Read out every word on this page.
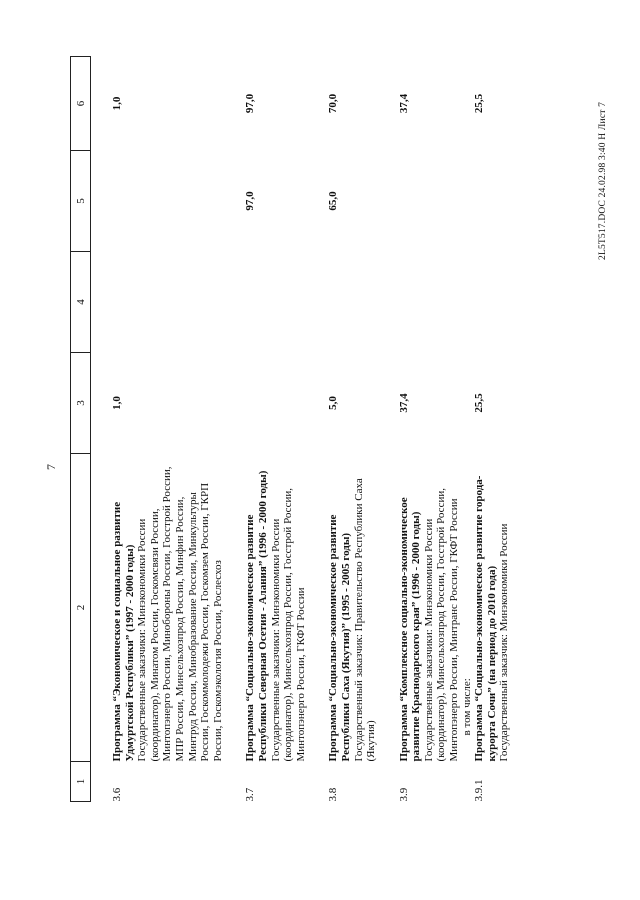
7
1	2	3	4	5	6

3.6	Программа “Экономическое и социальное развитие Удмуртской Республики” (1997 - 2000 годы) Государственные заказчики: Минэкономики России (координатор), Минатом России, Госкомсвязи России, Минтопэнерго России, Минобороны России, Госстрой России, МПР России, Минсельхозпрод России, Минфин России, Минтруд России, Минобразование России, Минкультуры России, Госкоммолодежи России, Госкомзем России, ГКРП России, Госкомэкология России, Рослесхоз	1,0			1,0

3.7	Программа “Социально-экономическое развитие Республики Северная Осетия - Алания” (1996 - 2000 годы) Государственные заказчики: Минэкономики России (координатор), Минсельхозпрод России, Госстрой России, Минтопэнерго России, ГКФТ России			97,0	97,0

3.8	Программа “Социально-экономическое развитие Республики Саха (Якутия)” (1995 - 2005 годы) Государственный заказчик: Правительство Республики Саха (Якутия)	5,0		65,0	70,0

3.9	Программа “Комплексное социально-экономическое развитие Краснодарского края” (1996 - 2000 годы) Государственные заказчики: Минэкономики России (координатор), Минсельхозпрод России, Госстрой России, Минтопэнерго России, Минтранс России, ГКФТ России	37,4			37,4
	в том числе:				
3.9.1	Программа “Социально-экономическое развитие города-курорта Сочи” (на период до 2010 года) Государственный заказчик: Минэкономики России	25,5			25,5	2L5T517.DOC 24.02.98 3:40 Н Лист 7
